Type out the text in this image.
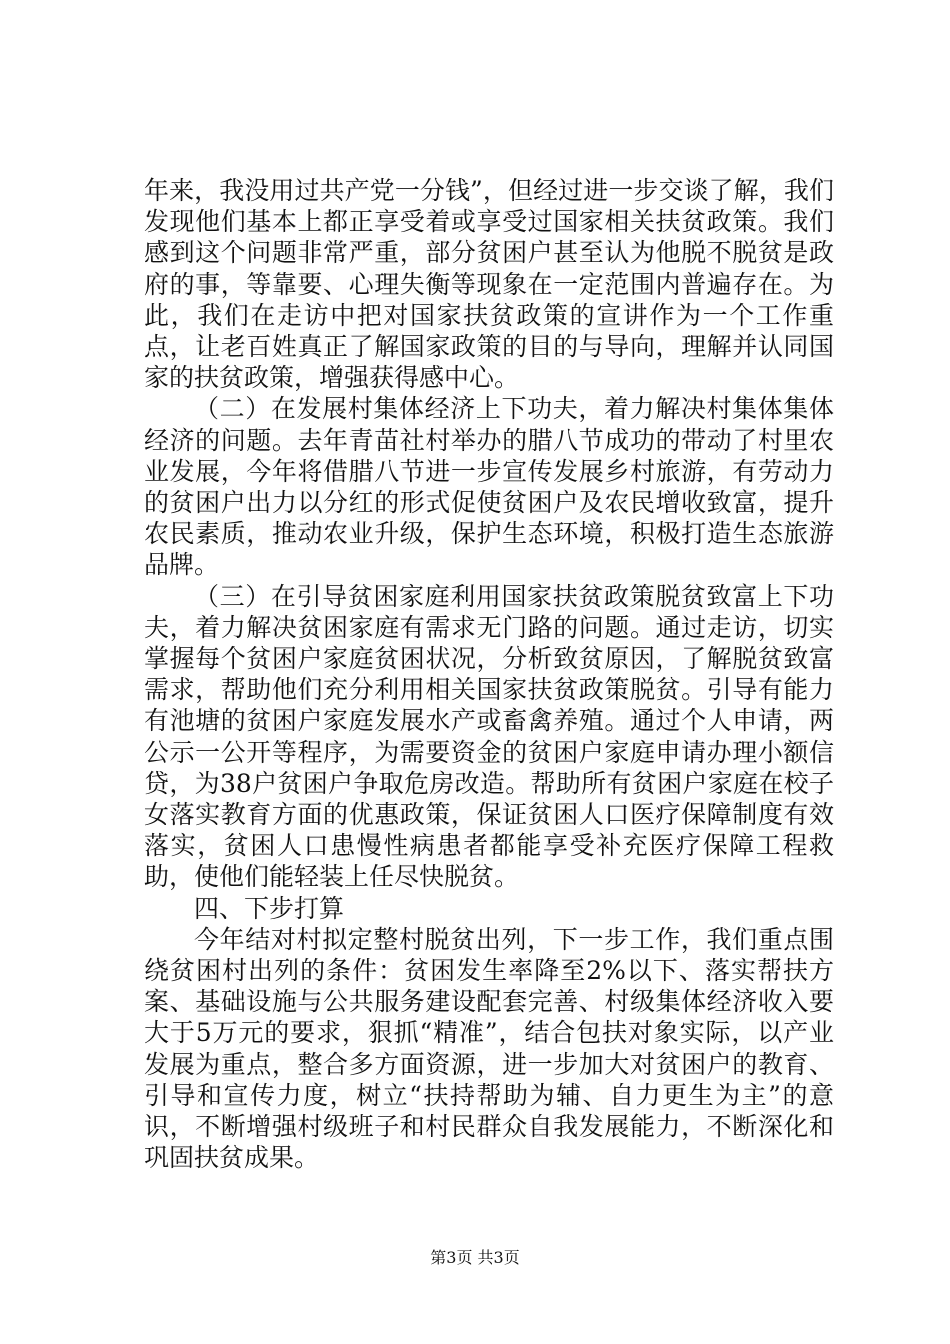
年来，我没用过共产党一分钱”，但经过进一步交谈了解，我们发现他们基本上都正享受着或享受过国家相关扶贫政策。我们感到这个问题非常严重，部分贫困户甚至认为他脱不脱贫是政府的事，等靠要、心理失衡等现象在一定范围内普遍存在。为此，我们在走访中把对国家扶贫政策的宣讲作为一个工作重点，让老百姓真正了解国家政策的目的与导向，理解并认同国家的扶贫政策，增强获得感中心。

（二）在发展村集体经济上下功夫，着力解决村集体集体经济的问题。去年青苗社村举办的腊八节成功的带动了村里农业发展，今年将借腊八节进一步宣传发展乡村旅游，有劳动力的贫困户出力以分红的形式促使贫困户及农民增收致富，提升农民素质，推动农业升级，保护生态环境，积极打造生态旅游品牌。

（三）在引导贫困家庭利用国家扶贫政策脱贫致富上下功夫，着力解决贫困家庭有需求无门路的问题。通过走访，切实掌握每个贫困户家庭贫困状况，分析致贫原因，了解脱贫致富需求，帮助他们充分利用相关国家扶贫政策脱贫。引导有能力有池塘的贫困户家庭发展水产或畜禽养殖。通过个人申请，两公示一公开等程序，为需要资金的贫困户家庭申请办理小额信贷，为38户贫困户争取危房改造。帮助所有贫困户家庭在校子女落实教育方面的优惠政策，保证贫困人口医疗保障制度有效落实，贫困人口患慢性病患者都能享受补充医疗保障工程救助，使他们能轻装上任尽快脱贫。

四、下步打算

今年结对村拟定整村脱贫出列，下一步工作，我们重点围绕贫困村出列的条件：贫困发生率降至2%以下、落实帮扶方案、基础设施与公共服务建设配套完善、村级集体经济收入要大于5万元的要求，狠抓“精准”，结合包扶对象实际，以产业发展为重点，整合多方面资源，进一步加大对贫困户的教育、引导和宣传力度，树立“扶持帮助为辅、自力更生为主”的意识，不断增强村级班子和村民群众自我发展能力，不断深化和巩固扶贫成果。

第3页 共3页
